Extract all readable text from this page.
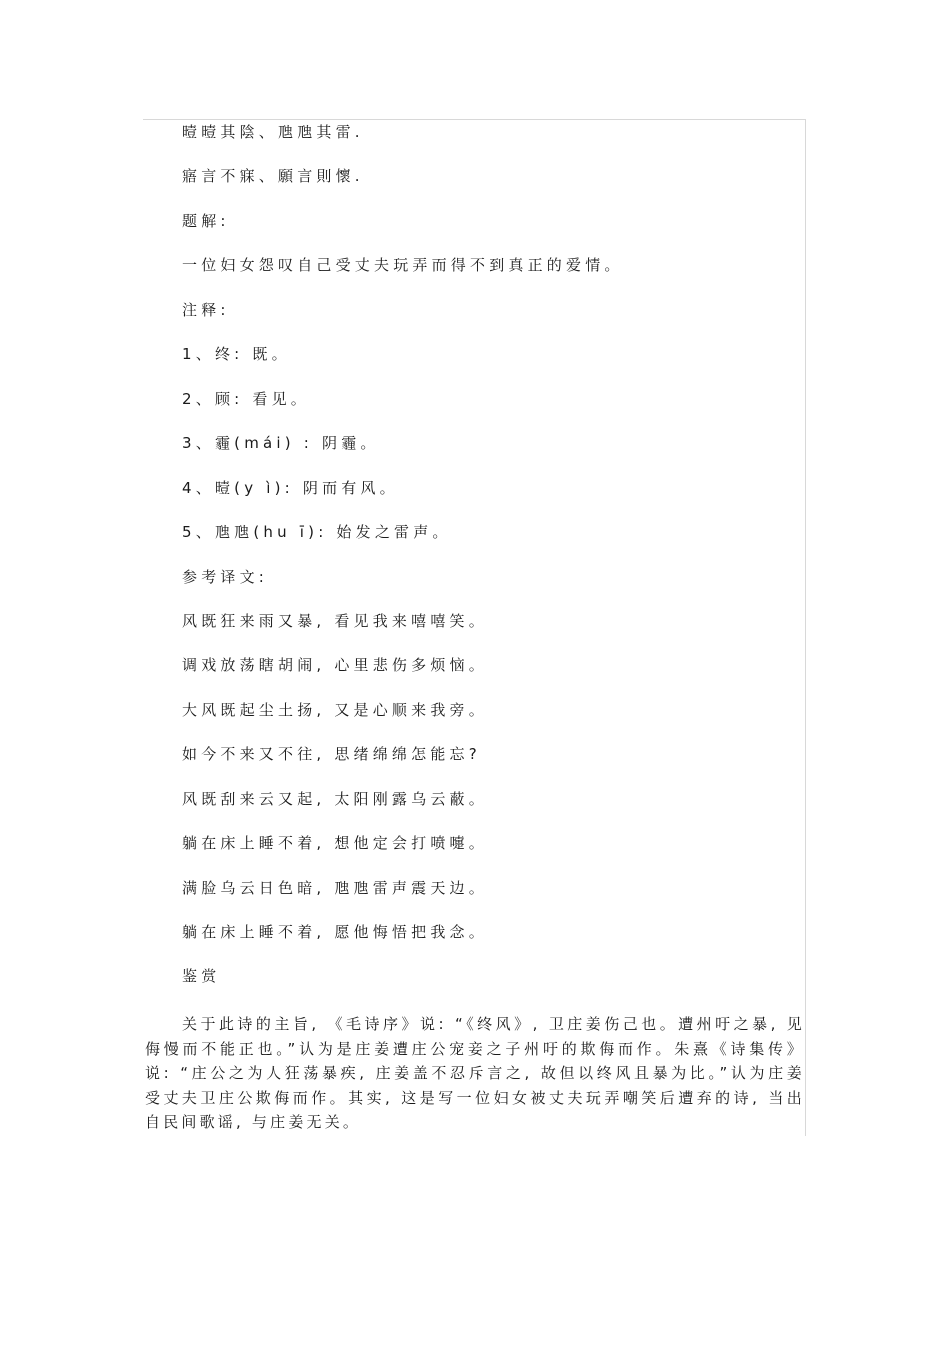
曀曀其陰、虺虺其雷.
寤言不寐、願言則懷.
题解:
一位妇女怨叹自己受丈夫玩弄而得不到真正的爱情。
注释:
1、终: 既。
2、顾: 看见。
3、霾(mái) : 阴霾。
4、曀(y ì): 阴而有风。
5、虺虺(hu ī): 始发之雷声。
参考译文:
风既狂来雨又暴, 看见我来嘻嘻笑。
调戏放荡瞎胡闹, 心里悲伤多烦恼。
大风既起尘土扬, 又是心顺来我旁。
如今不来又不往, 思绪绵绵怎能忘?
风既刮来云又起, 太阳刚露乌云蔽。
躺在床上睡不着, 想他定会打喷嚏。
满脸乌云日色暗, 虺虺雷声震天边。
躺在床上睡不着, 愿他悔悟把我念。
鉴赏

关于此诗的主旨, 《毛诗序》说: “《终风》, 卫庄姜伤己也。遭州吁之暴, 见侮慢而不能正也。”认为是庄姜遭庄公宠妾之子州吁的欺侮而作。朱熹《诗集传》说: “庄公之为人狂荡暴疾, 庄姜盖不忍斥言之, 故但以终风且暴为比。”认为庄姜受丈夫卫庄公欺侮而作。其实, 这是写一位妇女被丈夫玩弄嘲笑后遭弃的诗, 当出自民间歌谣, 与庄姜无关。
